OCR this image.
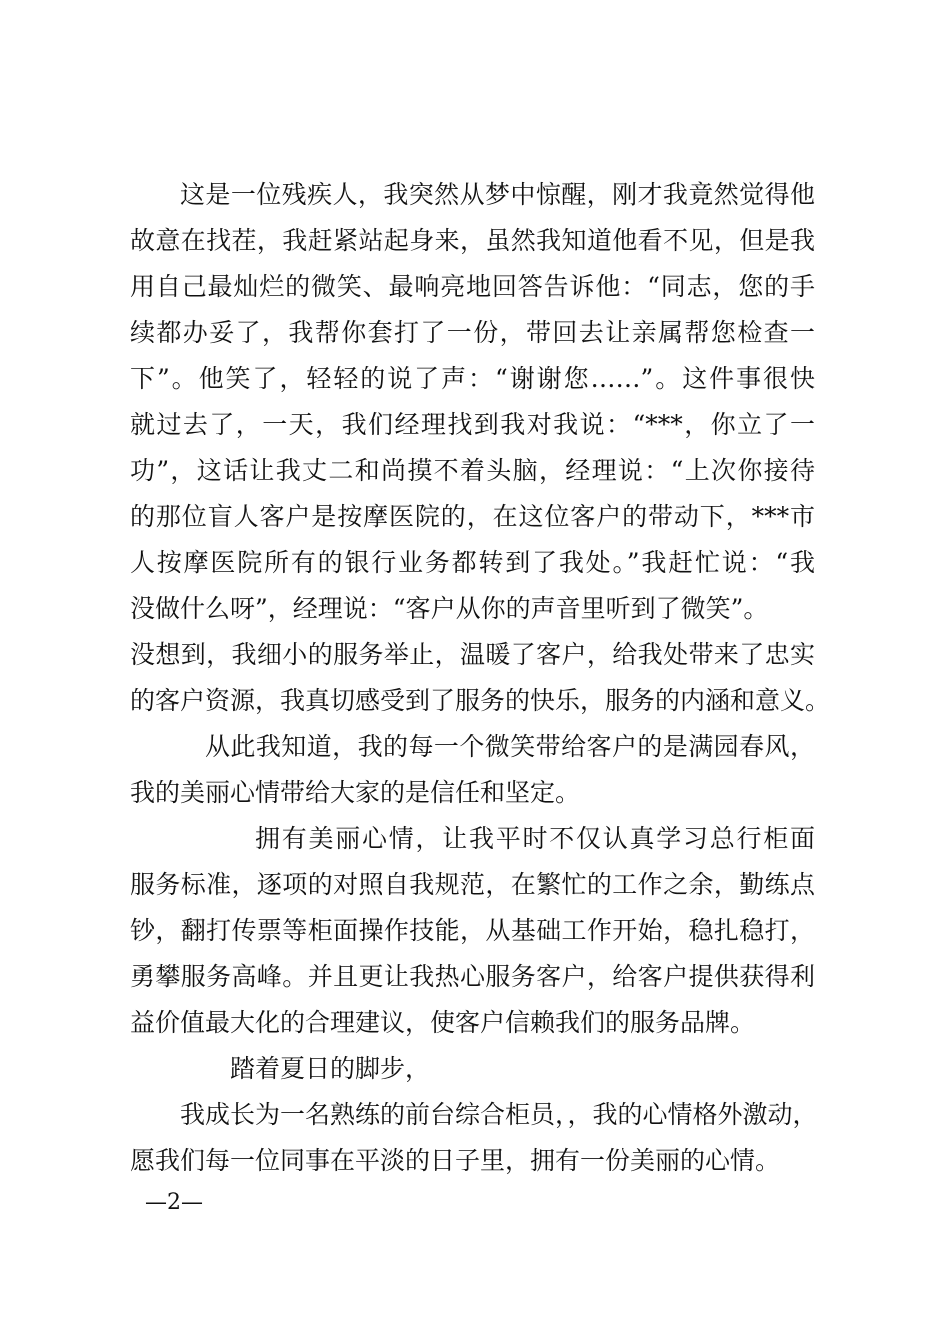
这是一位残疾人，我突然从梦中惊醒，刚才我竟然觉得他
故意在找茬，我赶紧站起身来，虽然我知道他看不见，但是我
用自己最灿烂的微笑、最响亮地回答告诉他：“同志，您的手
续都办妥了，我帮你套打了一份，带回去让亲属帮您检查一
下”。他笑了，轻轻的说了声：“谢谢您……”。这件事很快
就过去了，一天，我们经理找到我对我说：“***，你立了一
功”，这话让我丈二和尚摸不着头脑，经理说：“上次你接待
的那位盲人客户是按摩医院的，在这位客户的带动下，***市
人按摩医院所有的银行业务都转到了我处。”我赶忙说：“我
没做什么呀”，经理说：“客户从你的声音里听到了微笑”。
没想到，我细小的服务举止，温暖了客户，给我处带来了忠实
的客户资源，我真切感受到了服务的快乐，服务的内涵和意义。
从此我知道，我的每一个微笑带给客户的是满园春风，
我的美丽心情带给大家的是信任和坚定。
拥有美丽心情，让我平时不仅认真学习总行柜面
服务标准，逐项的对照自我规范，在繁忙的工作之余，勤练点
钞，翻打传票等柜面操作技能，从基础工作开始，稳扎稳打，
勇攀服务高峰。并且更让我热心服务客户，给客户提供获得利
益价值最大化的合理建议，使客户信赖我们的服务品牌。
踏着夏日的脚步，
我成长为一名熟练的前台综合柜员，，我的心情格外激动，
愿我们每一位同事在平淡的日子里，拥有一份美丽的心情。
—2—
